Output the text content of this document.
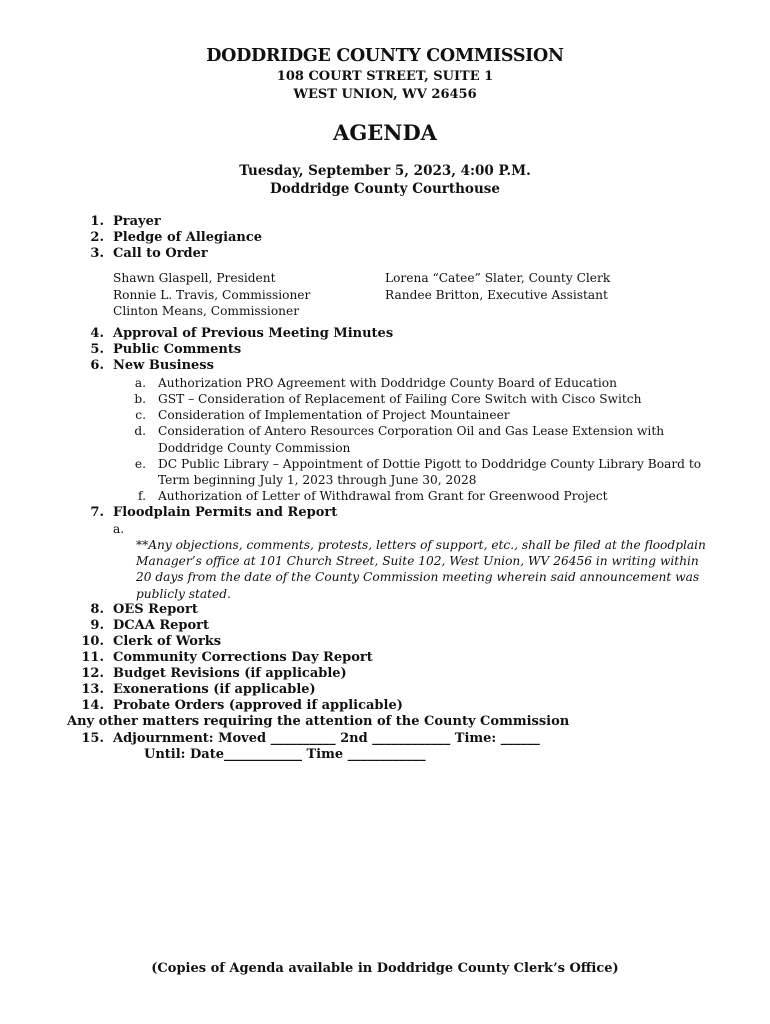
DODDRIDGE COUNTY COMMISSION
108 COURT STREET, SUITE 1
WEST UNION, WV 26456
AGENDA
Tuesday, September 5, 2023, 4:00 P.M.
Doddridge County Courthouse
1. Prayer
2. Pledge of Allegiance
3. Call to Order
Shawn Glaspell, President
Ronnie L. Travis, Commissioner
Clinton Means, Commissioner
Lorena “Catee” Slater, County Clerk
Randee Britton, Executive Assistant
4. Approval of Previous Meeting Minutes
5. Public Comments
6. New Business
a. Authorization PRO Agreement with Doddridge County Board of Education
b. GST – Consideration of Replacement of Failing Core Switch with Cisco Switch
c. Consideration of Implementation of Project Mountaineer
d. Consideration of Antero Resources Corporation Oil and Gas Lease Extension with
Doddridge County Commission
e. DC Public Library – Appointment of Dottie Pigott to Doddridge County Library Board to
Term beginning July 1, 2023 through June 30, 2028
f. Authorization of Letter of Withdrawal from Grant for Greenwood Project
7. Floodplain Permits and Report
a.
**Any objections, comments, protests, letters of support, etc., shall be filed at the floodplain Manager’s office at 101 Church Street, Suite 102, West Union, WV 26456 in writing within 20 days from the date of the County Commission meeting wherein said announcement was publicly stated.
8. OES Report
9. DCAA Report
10. Clerk of Works
11. Community Corrections Day Report
12. Budget Revisions (if applicable)
13. Exonerations (if applicable)
14. Probate Orders (approved if applicable)
Any other matters requiring the attention of the County Commission
15. Adjournment: Moved __________ 2nd ____________ Time: ______
Until: Date____________ Time ____________
(Copies of Agenda available in Doddridge County Clerk’s Office)
